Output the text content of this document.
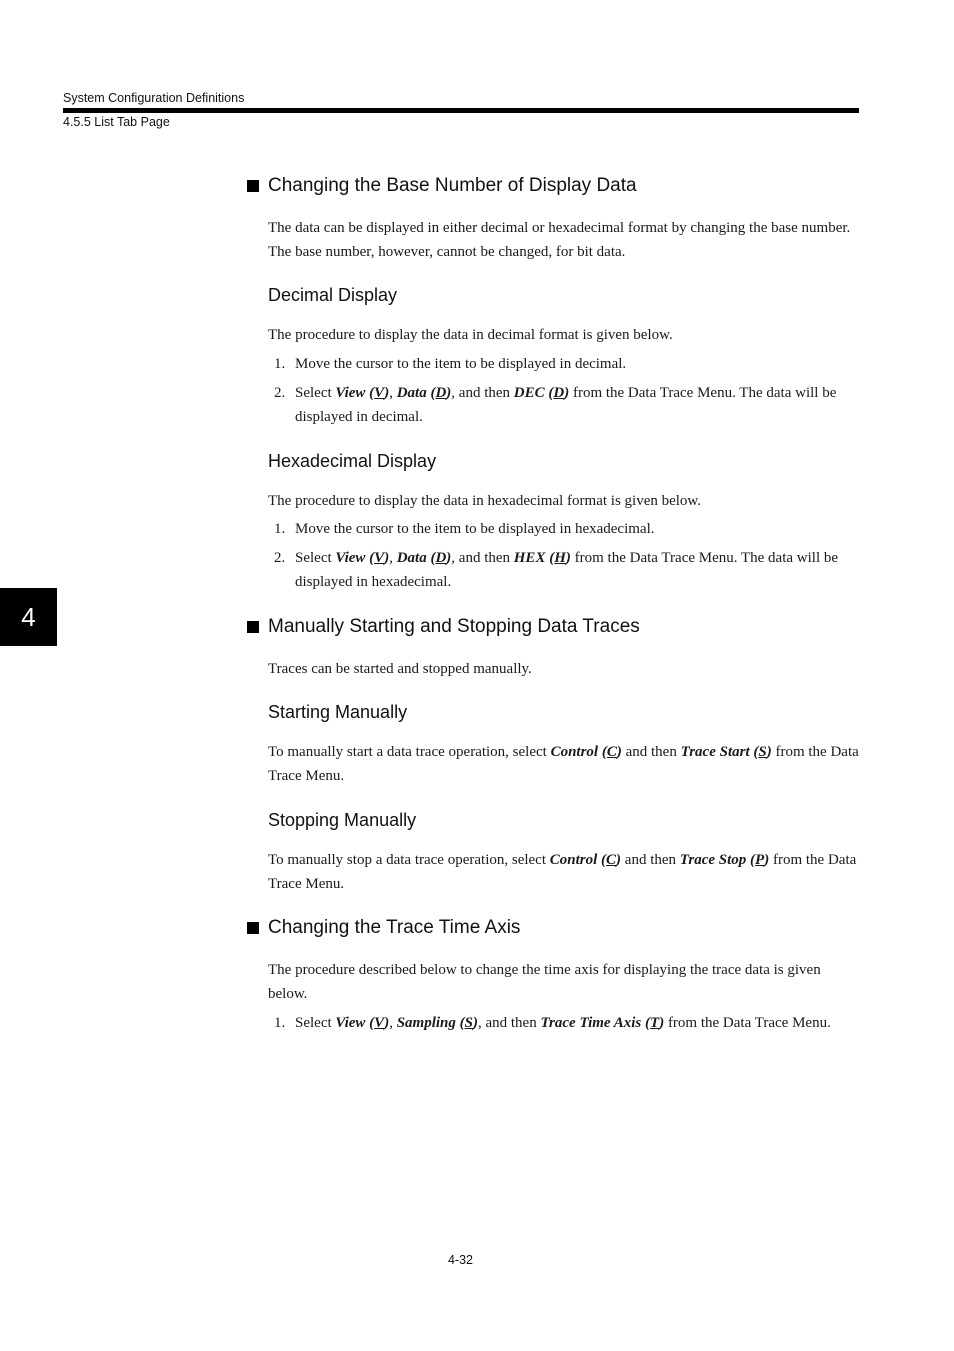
System Configuration Definitions
4.5.5 List Tab Page
4
Changing the Base Number of Display Data
The data can be displayed in either decimal or hexadecimal format by changing the base number. The base number, however, cannot be changed, for bit data.
Decimal Display
The procedure to display the data in decimal format is given below.
1. Move the cursor to the item to be displayed in decimal.
2. Select View (V), Data (D), and then DEC (D) from the Data Trace Menu. The data will be displayed in decimal.
Hexadecimal Display
The procedure to display the data in hexadecimal format is given below.
1. Move the cursor to the item to be displayed in hexadecimal.
2. Select View (V), Data (D), and then HEX (H) from the Data Trace Menu. The data will be displayed in hexadecimal.
Manually Starting and Stopping Data Traces
Traces can be started and stopped manually.
Starting Manually
To manually start a data trace operation, select Control (C) and then Trace Start (S) from the Data Trace Menu.
Stopping Manually
To manually stop a data trace operation, select Control (C) and then Trace Stop (P) from the Data Trace Menu.
Changing the Trace Time Axis
The procedure described below to change the time axis for displaying the trace data is given below.
1. Select View (V), Sampling (S), and then Trace Time Axis (T) from the Data Trace Menu.
4-32
